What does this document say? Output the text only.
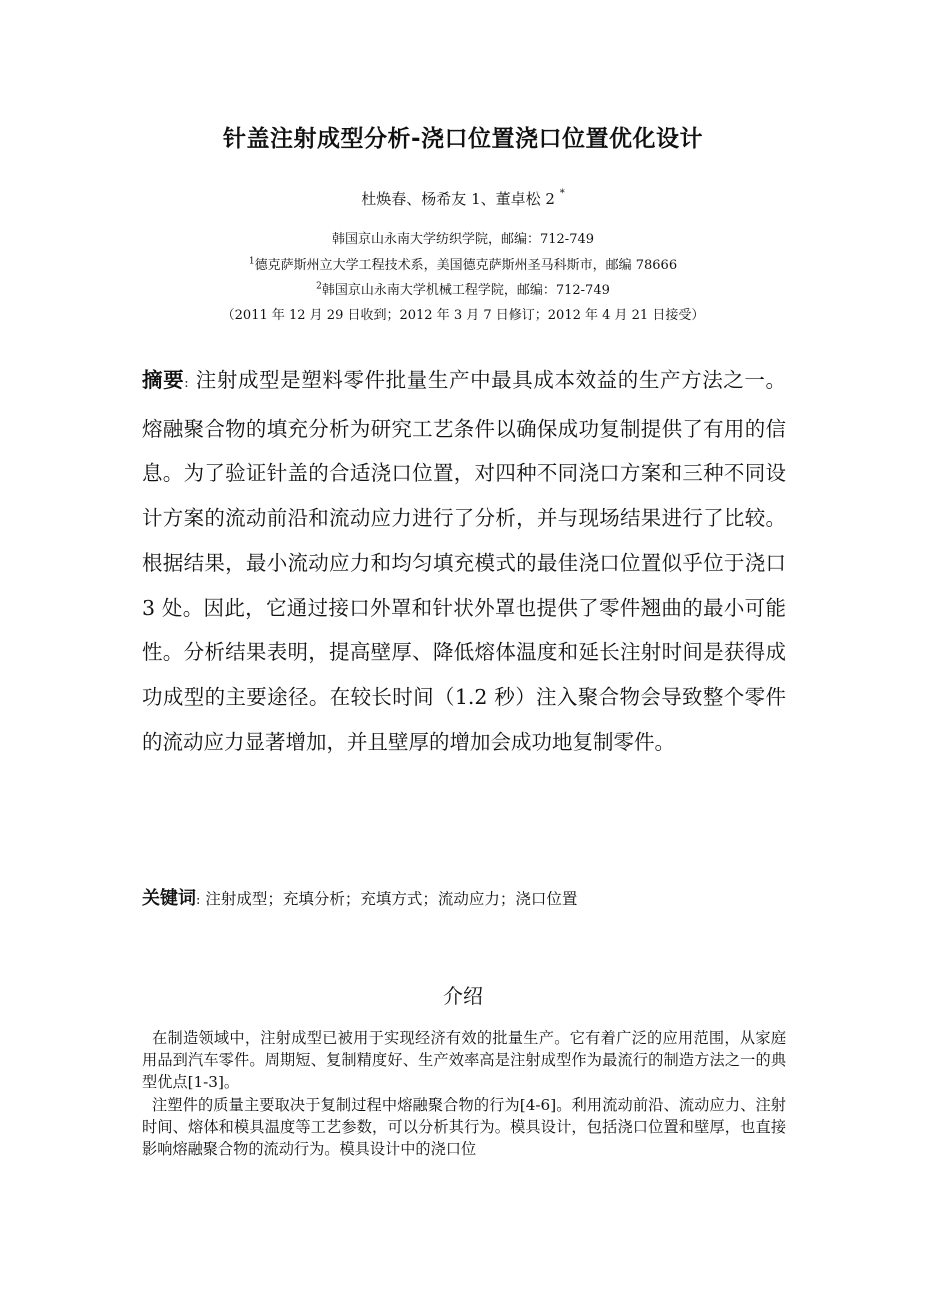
针盖注射成型分析-浇口位置浇口位置优化设计
杜焕春、杨希友 1、董卓松 2 *
韩国京山永南大学纺织学院，邮编：712-749
$^1$德克萨斯州立大学工程技术系，美国德克萨斯州圣马科斯市，邮编 78666
$^2$韩国京山永南大学机械工程学院，邮编：712-749
（2011 年 12 月 29 日收到；2012 年 3 月 7 日修订；2012 年 4 月 21 日接受）
摘要: 注射成型是塑料零件批量生产中最具成本效益的生产方法之一。熔融聚合物的填充分析为研究工艺条件以确保成功复制提供了有用的信息。为了验证针盖的合适浇口位置，对四种不同浇口方案和三种不同设计方案的流动前沿和流动应力进行了分析，并与现场结果进行了比较。根据结果，最小流动应力和均匀填充模式的最佳浇口位置似乎位于浇口 3 处。因此，它通过接口外罩和针状外罩也提供了零件翘曲的最小可能性。分析结果表明，提高壁厚、降低熔体温度和延长注射时间是获得成功成型的主要途径。在较长时间（1.2 秒）注入聚合物会导致整个零件的流动应力显著增加，并且壁厚的增加会成功地复制零件。
关键词: 注射成型；充填分析；充填方式；流动应力；浇口位置
介绍

在制造领域中，注射成型已被用于实现经济有效的批量生产。它有着广泛的应用范围，从家庭用品到汽车零件。周期短、复制精度好、生产效率高是注射成型作为最流行的制造方法之一的典型优点[1-3]。

注塑件的质量主要取决于复制过程中熔融聚合物的行为[4-6]。利用流动前沿、流动应力、注射时间、熔体和模具温度等工艺参数，可以分析其行为。模具设计，包括浇口位置和壁厚，也直接影响熔融聚合物的流动行为。模具设计中的浇口位
